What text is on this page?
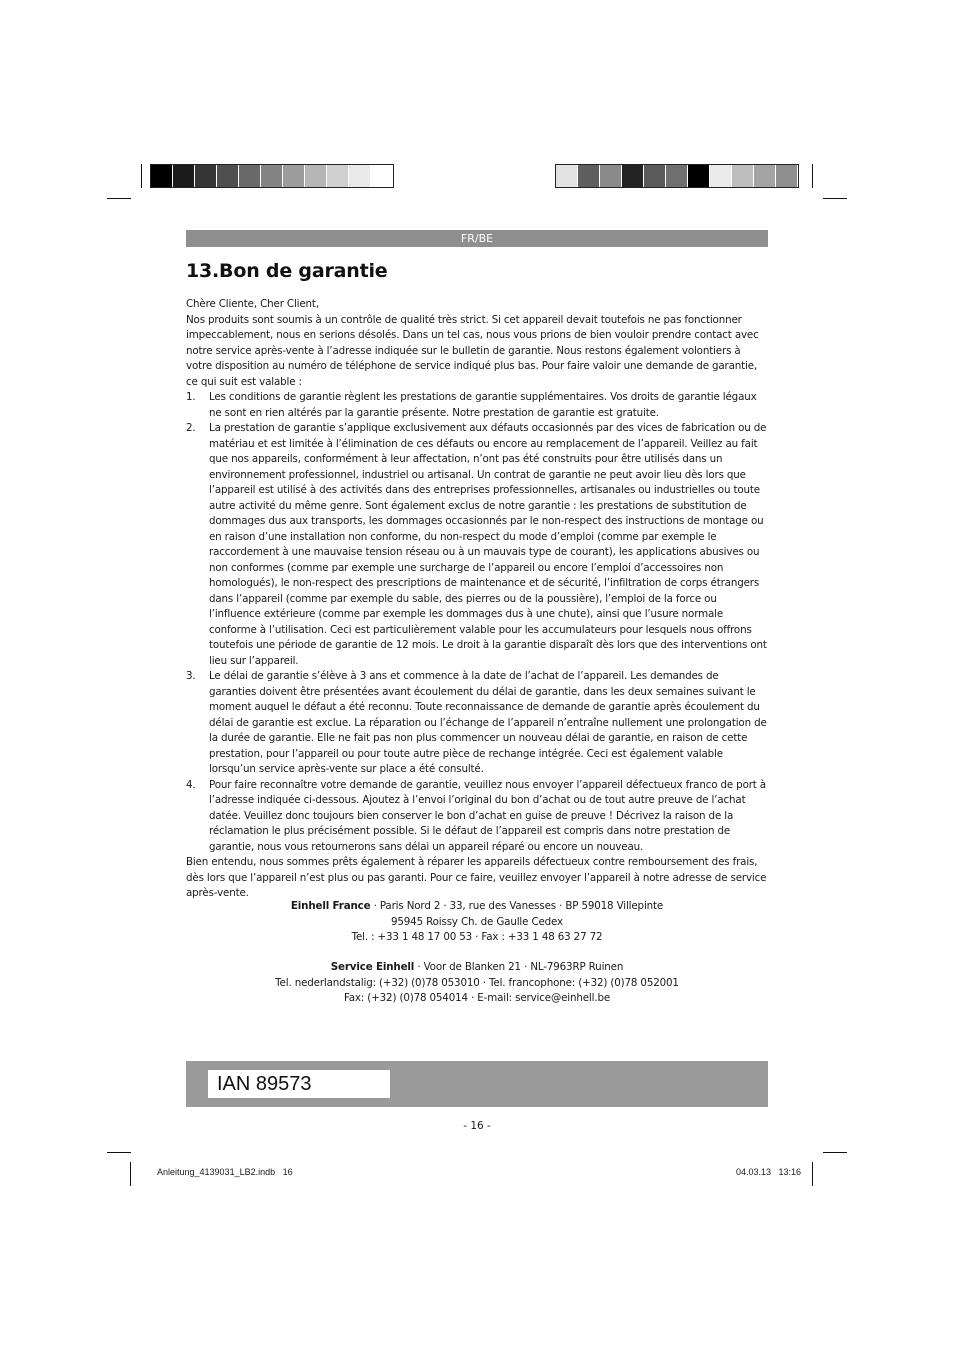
FR/BE
13.Bon de garantie

Chère Cliente, Cher Client,

Nos produits sont soumis à un contrôle de qualité très strict. Si cet appareil devait toutefois ne pas fonctionner impeccablement, nous en serions désolés. Dans un tel cas, nous vous prions de bien vouloir prendre contact avec notre service après-vente à l’adresse indiquée sur le bulletin de garantie. Nous restons également volontiers à votre disposition au numéro de téléphone de service indiqué plus bas. Pour faire valoir une demande de garantie, ce qui suit est valable :

1. Les conditions de garantie règlent les prestations de garantie supplémentaires. Vos droits de garantie légaux ne sont en rien altérés par la garantie présente. Notre prestation de garantie est gratuite.
2. La prestation de garantie s’applique exclusivement aux défauts occasionnés par des vices de fabrication ou de matériau et est limitée à l’élimination de ces défauts ou encore au remplacement de l’appareil. Veillez au fait que nos appareils, conformément à leur affectation, n’ont pas été construits pour être utilisés dans un environnement professionnel, industriel ou artisanal. Un contrat de garantie ne peut avoir lieu dès lors que l’appareil est utilisé à des activités dans des entreprises professionnelles, artisanales ou industrielles ou toute autre activité du même genre. Sont également exclus de notre garantie : les prestations de substitution de dommages dus aux transports, les dommages occasionnés par le non-respect des instructions de montage ou en raison d’une installation non conforme, du non-respect du mode d’emploi (comme par exemple le raccordement à une mauvaise tension réseau ou à un mauvais type de courant), les applications abusives ou non conformes (comme par exemple une surcharge de l’appareil ou encore l’emploi d’accessoires non homologués), le non-respect des prescriptions de maintenance et de sécurité, l’infiltration de corps étrangers dans l’appareil (comme par exemple du sable, des pierres ou de la poussière), l’emploi de la force ou l’influence extérieure (comme par exemple les dommages dus à une chute), ainsi que l’usure normale conforme à l’utilisation. Ceci est particulièrement valable pour les accumulateurs pour lesquels nous offrons toutefois une période de garantie de 12 mois. Le droit à la garantie disparaît dès lors que des interventions ont lieu sur l’appareil.
3. Le délai de garantie s’élève à 3 ans et commence à la date de l’achat de l’appareil. Les demandes de garanties doivent être présentées avant écoulement du délai de garantie, dans les deux semaines suivant le moment auquel le défaut a été reconnu. Toute reconnaissance de demande de garantie après écoulement du délai de garantie est exclue. La réparation ou l’échange de l’appareil n’entraîne nullement une prolongation de la durée de garantie. Elle ne fait pas non plus commencer un nouveau délai de garantie, en raison de cette prestation, pour l’appareil ou pour toute autre pièce de rechange intégrée. Ceci est également valable lorsqu’un service après-vente sur place a été consulté.
4. Pour faire reconnaître votre demande de garantie, veuillez nous envoyer l’appareil défectueux franco de port à l’adresse indiquée ci-dessous. Ajoutez à l’envoi l’original du bon d’achat ou de tout autre preuve de l’achat datée. Veuillez donc toujours bien conserver le bon d’achat en guise de preuve ! Décrivez la raison de la réclamation le plus précisément possible. Si le défaut de l’appareil est compris dans notre prestation de garantie, nous vous retournerons sans délai un appareil réparé ou encore un nouveau.

Bien entendu, nous sommes prêts également à réparer les appareils défectueux contre remboursement des frais, dès lors que l’appareil n’est plus ou pas garanti. Pour ce faire, veuillez envoyer l’appareil à notre adresse de service après-vente.

Einhell France · Paris Nord 2 · 33, rue des Vanesses · BP 59018 Villepinte
95945 Roissy Ch. de Gaulle Cedex
Tel. : +33 1 48 17 00 53 · Fax : +33 1 48 63 27 72
Service Einhell · Voor de Blanken 21 · NL-7963RP Ruinen
Tel. nederlandstalig: (+32) (0)78 053010 · Tel. francophone: (+32) (0)78 052001
Fax: (+32) (0)78 054014 · E-mail: service@einhell.be
IAN 89573
- 16 -
Anleitung_4139031_LB2.indb   16	04.03.13   13:16
